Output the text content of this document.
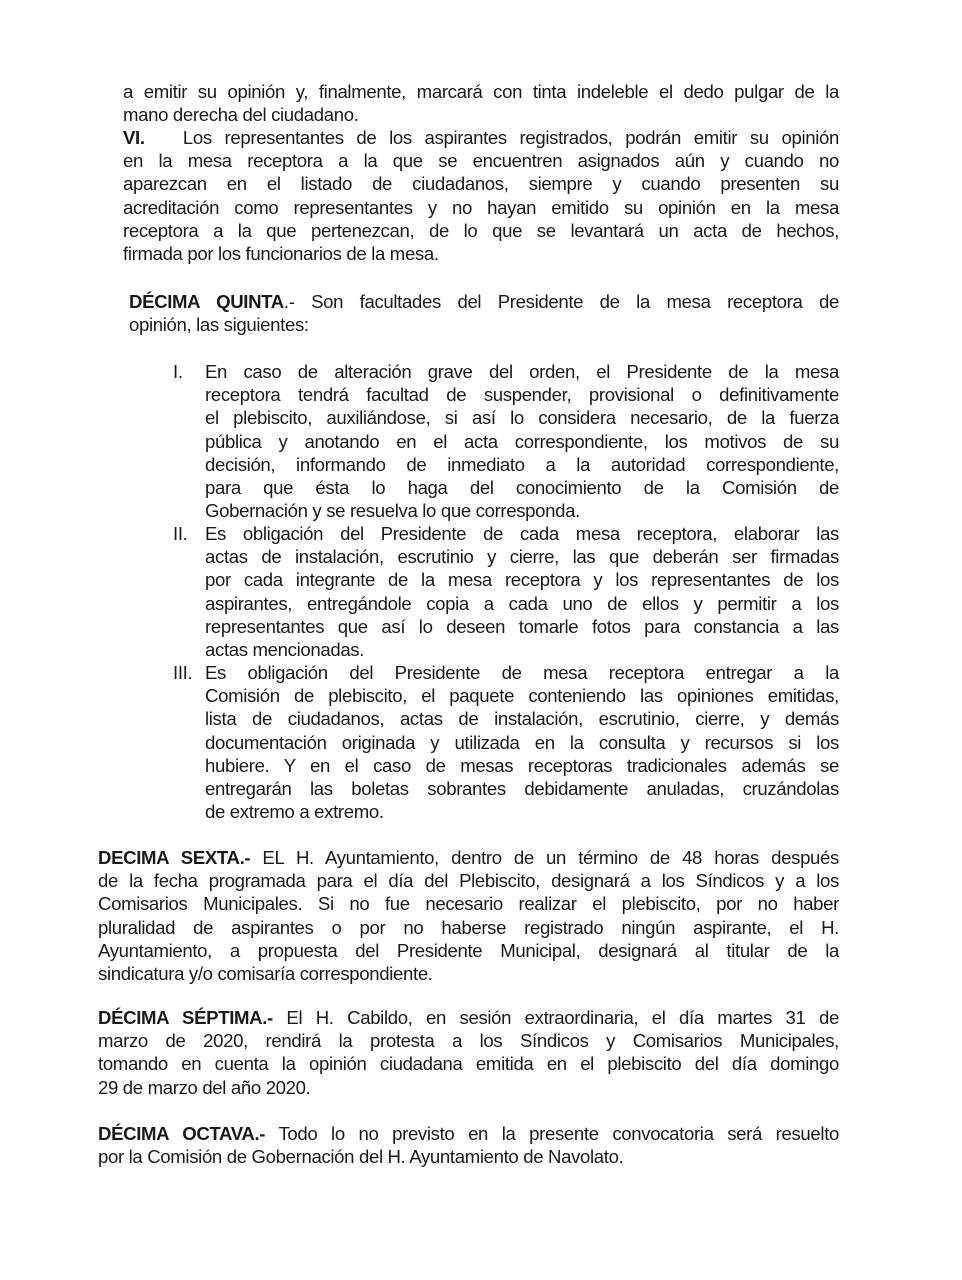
a emitir su opinión y, finalmente, marcará con tinta indeleble el dedo pulgar de la
mano derecha del ciudadano.
VI. Los representantes de los aspirantes registrados, podrán emitir su opinión
en la mesa receptora a la que se encuentren asignados aún y cuando no
aparezcan en el listado de ciudadanos, siempre y cuando presenten su
acreditación como representantes y no hayan emitido su opinión en la mesa
receptora a la que pertenezcan, de lo que se levantará un acta de hechos,
firmada por los funcionarios de la mesa.
DÉCIMA QUINTA.- Son facultades del Presidente de la mesa receptora de
opinión, las siguientes:
I. En caso de alteración grave del orden, el Presidente de la mesa
receptora tendrá facultad de suspender, provisional o definitivamente
el plebiscito, auxiliándose, si así lo considera necesario, de la fuerza
pública y anotando en el acta correspondiente, los motivos de su
decisión, informando de inmediato a la autoridad correspondiente,
para que ésta lo haga del conocimiento de la Comisión de
Gobernación y se resuelva lo que corresponda.
II. Es obligación del Presidente de cada mesa receptora, elaborar las
actas de instalación, escrutinio y cierre, las que deberán ser firmadas
por cada integrante de la mesa receptora y los representantes de los
aspirantes, entregándole copia a cada uno de ellos y permitir a los
representantes que así lo deseen tomarle fotos para constancia a las
actas mencionadas.
III. Es obligación del Presidente de mesa receptora entregar a la
Comisión de plebiscito, el paquete conteniendo las opiniones emitidas,
lista de ciudadanos, actas de instalación, escrutinio, cierre, y demás
documentación originada y utilizada en la consulta y recursos si los
hubiere. Y en el caso de mesas receptoras tradicionales además se
entregarán las boletas sobrantes debidamente anuladas, cruzándolas
de extremo a extremo.
DECIMA SEXTA.- EL H. Ayuntamiento, dentro de un término de 48 horas después
de la fecha programada para el día del Plebiscito, designará a los Síndicos y a los
Comisarios Municipales. Si no fue necesario realizar el plebiscito, por no haber
pluralidad de aspirantes o por no haberse registrado ningún aspirante, el H.
Ayuntamiento, a propuesta del Presidente Municipal, designará al titular de la
sindicatura y/o comisaría correspondiente.
DÉCIMA SÉPTIMA.- El H. Cabildo, en sesión extraordinaria, el día martes 31 de
marzo de 2020, rendirá la protesta a los Síndicos y Comisarios Municipales,
tomando en cuenta la opinión ciudadana emitida en el plebiscito del día domingo
29 de marzo del año 2020.
DÉCIMA OCTAVA.- Todo lo no previsto en la presente convocatoria será resuelto
por la Comisión de Gobernación del H. Ayuntamiento de Navolato.
